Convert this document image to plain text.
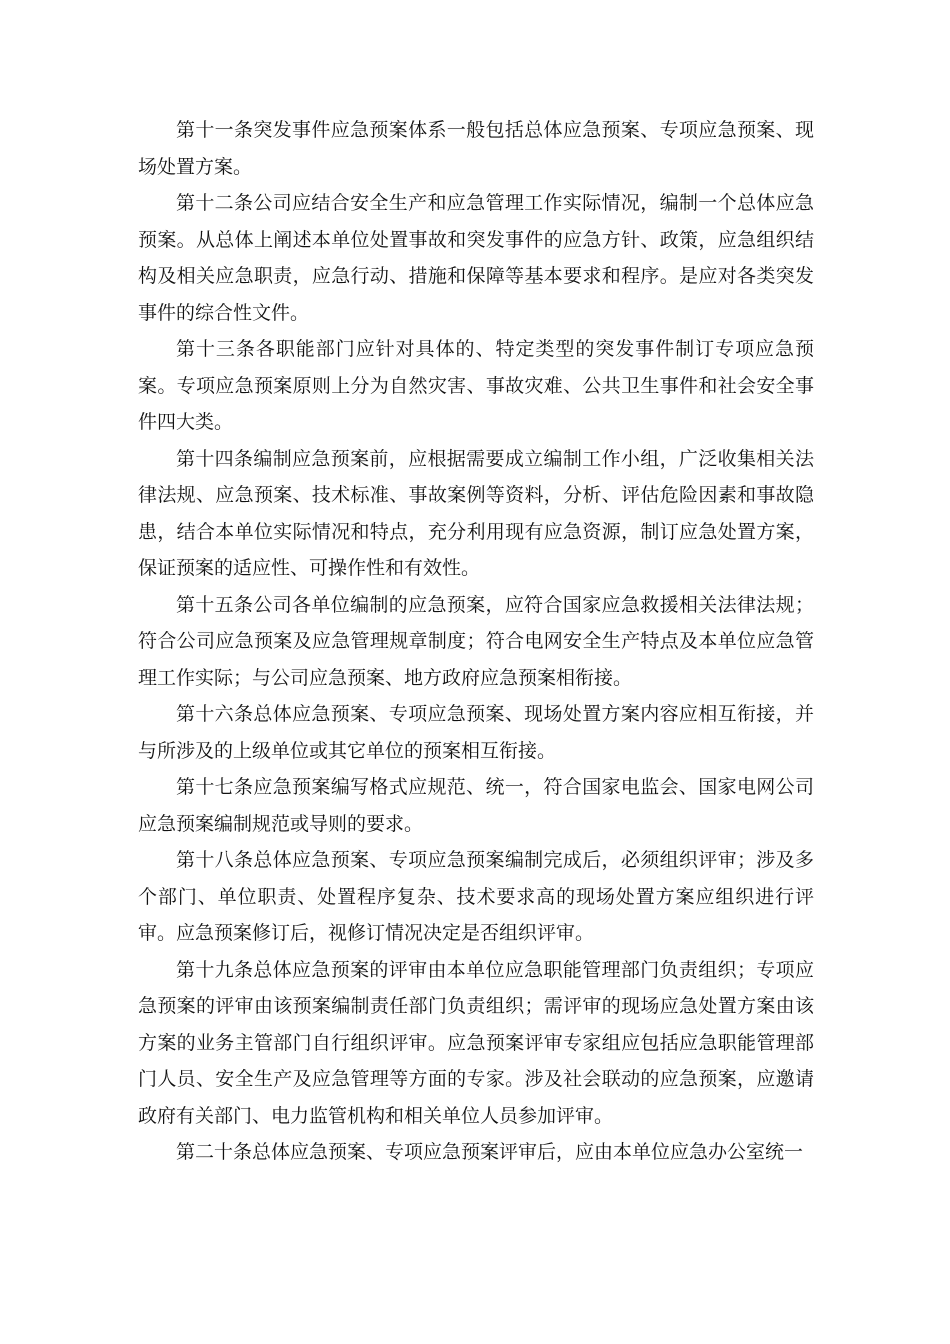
第十一条突发事件应急预案体系一般包括总体应急预案、专项应急预案、现场处置方案。

第十二条公司应结合安全生产和应急管理工作实际情况，编制一个总体应急预案。从总体上阐述本单位处置事故和突发事件的应急方针、政策，应急组织结构及相关应急职责，应急行动、措施和保障等基本要求和程序。是应对各类突发事件的综合性文件。

第十三条各职能部门应针对具体的、特定类型的突发事件制订专项应急预案。专项应急预案原则上分为自然灾害、事故灾难、公共卫生事件和社会安全事件四大类。

第十四条编制应急预案前，应根据需要成立编制工作小组，广泛收集相关法律法规、应急预案、技术标准、事故案例等资料，分析、评估危险因素和事故隐患，结合本单位实际情况和特点，充分利用现有应急资源，制订应急处置方案，保证预案的适应性、可操作性和有效性。

第十五条公司各单位编制的应急预案，应符合国家应急救援相关法律法规；符合公司应急预案及应急管理规章制度；符合电网安全生产特点及本单位应急管理工作实际；与公司应急预案、地方政府应急预案相衔接。

第十六条总体应急预案、专项应急预案、现场处置方案内容应相互衔接，并与所涉及的上级单位或其它单位的预案相互衔接。

第十七条应急预案编写格式应规范、统一，符合国家电监会、国家电网公司应急预案编制规范或导则的要求。

第十八条总体应急预案、专项应急预案编制完成后，必须组织评审；涉及多个部门、单位职责、处置程序复杂、技术要求高的现场处置方案应组织进行评审。应急预案修订后，视修订情况决定是否组织评审。

第十九条总体应急预案的评审由本单位应急职能管理部门负责组织；专项应急预案的评审由该预案编制责任部门负责组织；需评审的现场应急处置方案由该方案的业务主管部门自行组织评审。应急预案评审专家组应包括应急职能管理部门人员、安全生产及应急管理等方面的专家。涉及社会联动的应急预案，应邀请政府有关部门、电力监管机构和相关单位人员参加评审。

第二十条总体应急预案、专项应急预案评审后，应由本单位应急办公室统一
